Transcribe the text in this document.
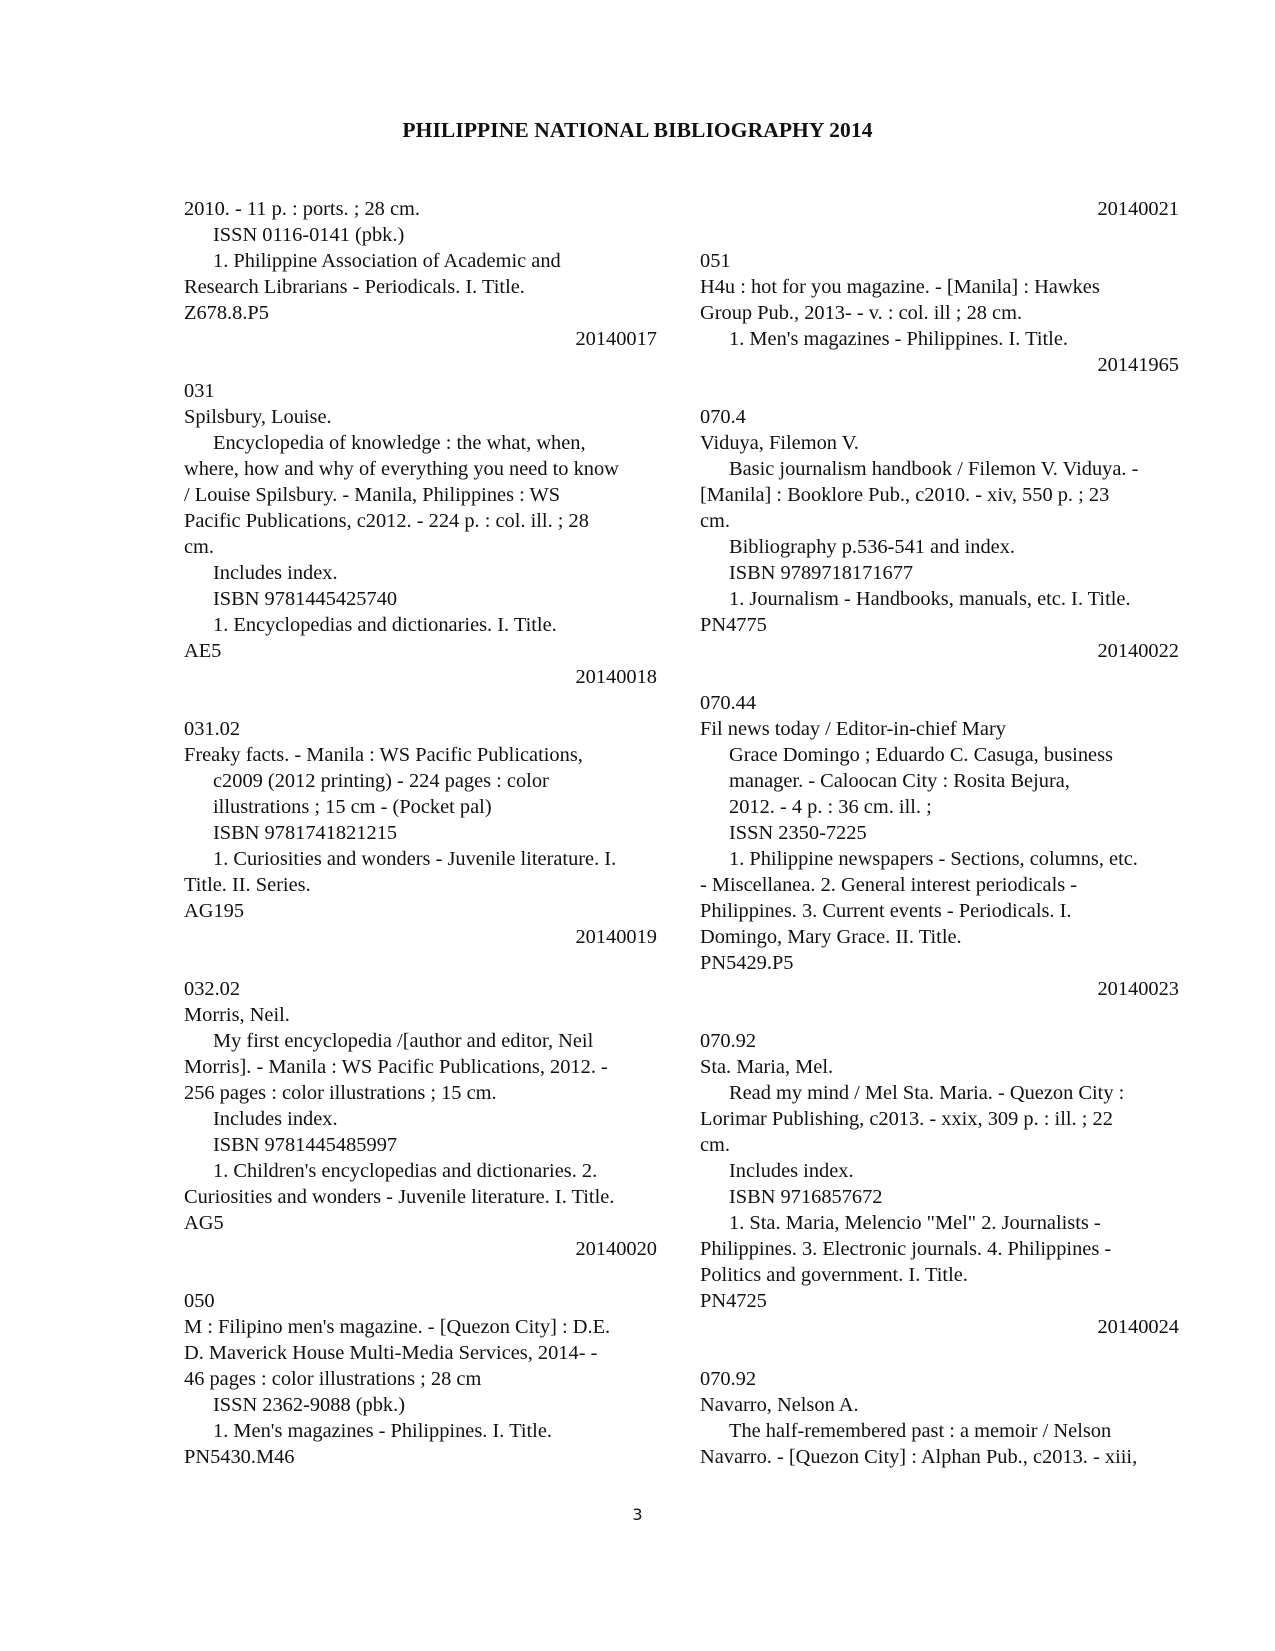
PHILIPPINE NATIONAL BIBLIOGRAPHY 2014
2010. - 11 p. : ports. ; 28 cm.
ISSN 0116-0141 (pbk.)
1. Philippine Association of Academic and
Research Librarians - Periodicals. I. Title.
Z678.8.P5
20140017
031
Spilsbury, Louise.
Encyclopedia of knowledge : the what, when,
where, how and why of everything you need to know
/ Louise Spilsbury. - Manila, Philippines : WS
Pacific Publications, c2012. - 224 p. : col. ill. ; 28
cm.
Includes index.
ISBN 9781445425740
1. Encyclopedias and dictionaries. I. Title.
AE5
20140018
031.02
Freaky facts. - Manila : WS Pacific Publications,
c2009 (2012 printing) - 224 pages : color
illustrations ; 15 cm - (Pocket pal)
ISBN 9781741821215
1. Curiosities and wonders - Juvenile literature. I.
Title. II. Series.
AG195
20140019
032.02
Morris, Neil.
My first encyclopedia /[author and editor, Neil
Morris]. - Manila : WS Pacific Publications, 2012. -
256 pages : color illustrations ; 15 cm.
Includes index.
ISBN 9781445485997
1. Children's encyclopedias and dictionaries. 2.
Curiosities and wonders - Juvenile literature. I. Title.
AG5
20140020
050
M : Filipino men's magazine. - [Quezon City] : D.E.
D. Maverick House Multi-Media Services, 2014- -
46 pages : color illustrations ; 28 cm
ISSN 2362-9088 (pbk.)
1. Men's magazines - Philippines. I. Title.
PN5430.M46
20140021
051
H4u : hot for you magazine. - [Manila] : Hawkes
Group Pub., 2013- - v. : col. ill ; 28 cm.
1. Men's magazines - Philippines. I. Title.
20141965
070.4
Viduya, Filemon V.
Basic journalism handbook / Filemon V. Viduya. -
[Manila] : Booklore Pub., c2010. - xiv, 550 p. ; 23
cm.
Bibliography p.536-541 and index.
ISBN 9789718171677
1. Journalism - Handbooks, manuals, etc. I. Title.
PN4775
20140022
070.44
Fil news today / Editor-in-chief Mary
Grace Domingo ; Eduardo C. Casuga, business
manager. - Caloocan City : Rosita Bejura,
2012. - 4 p. : 36 cm. ill. ;
ISSN 2350-7225
1. Philippine newspapers - Sections, columns, etc.
- Miscellanea. 2. General interest periodicals -
Philippines. 3. Current events - Periodicals. I.
Domingo, Mary Grace. II. Title.
PN5429.P5
20140023
070.92
Sta. Maria, Mel.
Read my mind / Mel Sta. Maria. - Quezon City :
Lorimar Publishing, c2013. - xxix, 309 p. : ill. ; 22
cm.
Includes index.
ISBN 9716857672
1. Sta. Maria, Melencio "Mel" 2. Journalists -
Philippines. 3. Electronic journals. 4. Philippines -
Politics and government. I. Title.
PN4725
20140024
070.92
Navarro, Nelson A.
The half-remembered past : a memoir / Nelson
Navarro. - [Quezon City] : Alphan Pub., c2013. - xiii,
3
